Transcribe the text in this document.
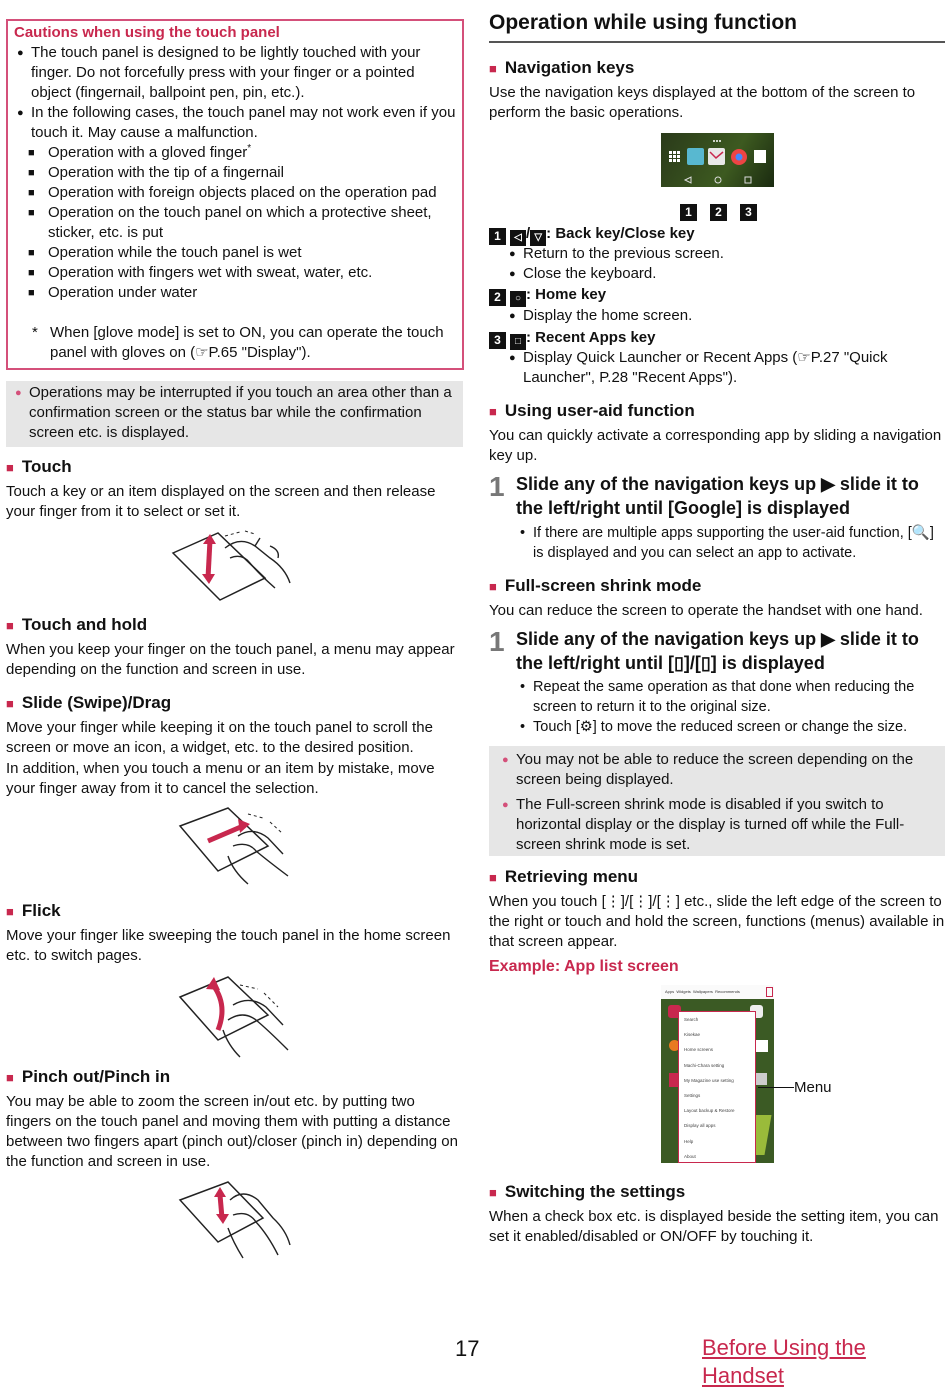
Cautions when using the touch panel
● The touch panel is designed to be lightly touched with your finger. Do not forcefully press with your finger or a pointed object (fingernail, ballpoint pen, pin, etc.).
● In the following cases, the touch panel may not work even if you touch it. May cause a malfunction.
■ Operation with a gloved finger*
■ Operation with the tip of a fingernail
■ Operation with foreign objects placed on the operation pad
■ Operation on the touch panel on which a protective sheet, sticker, etc. is put
■ Operation while the touch panel is wet
■ Operation with fingers wet with sweat, water, etc.
■ Operation under water
* When [glove mode] is set to ON, you can operate the touch panel with gloves on (☞P.65 "Display").
● Operations may be interrupted if you touch an area other than a confirmation screen or the status bar while the confirmation screen etc. is displayed.
■ Touch
Touch a key or an item displayed on the screen and then release your finger from it to select or set it.
■ Touch and hold
When you keep your finger on the touch panel, a menu may appear depending on the function and screen in use.
■ Slide (Swipe)/Drag
Move your finger while keeping it on the touch panel to scroll the screen or move an icon, a widget, etc. to the desired position.
In addition, when you touch a menu or an item by mistake, move your finger away from it to cancel the selection.
■ Flick
Move your finger like sweeping the touch panel in the home screen etc. to switch pages.
■ Pinch out/Pinch in
You may be able to zoom the screen in/out etc. by putting two fingers on the touch panel and moving them with putting a distance between two fingers apart (pinch out)/closer (pinch in) depending on the function and screen in use.
Operation while using function
■ Navigation keys
Use the navigation keys displayed at the bottom of the screen to perform the basic operations.
1	2	3
1 ◁ / ▽ : Back key/Close key
● Return to the previous screen.
● Close the keyboard.
2 ○ : Home key
● Display the home screen.
3 □ : Recent Apps key
● Display Quick Launcher or Recent Apps (☞P.27 "Quick Launcher", P.28 "Recent Apps").
■ Using user-aid function
You can quickly activate a corresponding app by sliding a navigation key up.
1 Slide any of the navigation keys up ▶ slide it to the left/right until [Google] is displayed
• If there are multiple apps supporting the user-aid function, [🔍] is displayed and you can select an app to activate.
■ Full-screen shrink mode
You can reduce the screen to operate the handset with one hand.
1 Slide any of the navigation keys up ▶ slide it to the left/right until [▯]/[▯] is displayed
• Repeat the same operation as that done when reducing the screen to return it to the original size.
• Touch [⚙] to move the reduced screen or change the size.
● You may not be able to reduce the screen depending on the screen being displayed.
● The Full-screen shrink mode is disabled if you switch to horizontal display or the display is turned off while the Full-screen shrink mode is set.
■ Retrieving menu
When you touch [⋮]/[⋮]/[⋮] etc., slide the left edge of the screen to the right or touch and hold the screen, functions (menus) available in that screen appear.
Example: App list screen
Apps Widgets Wallpapers Recommends
Search
Kisekae
Home screens
Machi-Chara setting
My Magazine use setting
Settings
Layout backup & Restore
Display all apps
Help
About
Menu
■ Switching the settings
When a check box etc. is displayed beside the setting item, you can set it enabled/disabled or ON/OFF by touching it.
17	Before Using the Handset
